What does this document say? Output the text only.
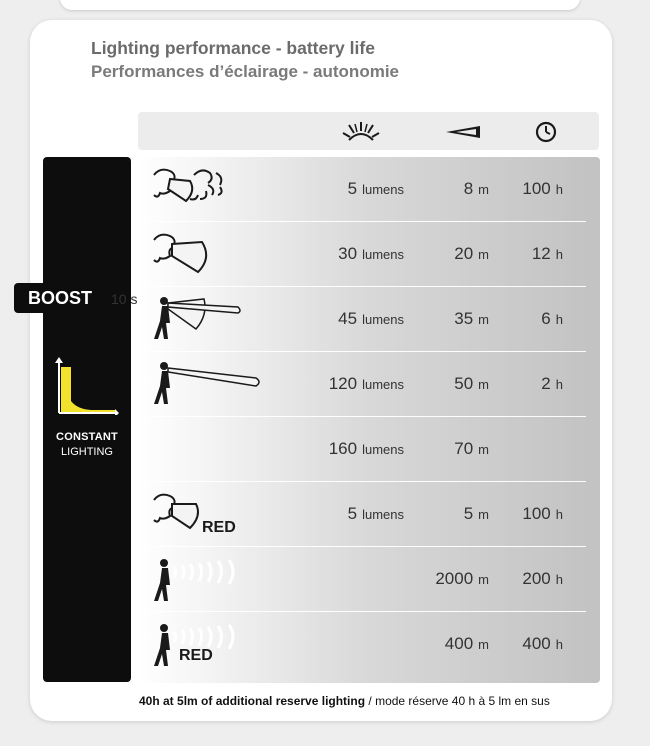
Lighting performance - battery life
Performances d’éclairage - autonomie
CONSTANT
LIGHTING
5 lumens	8 m 100 h
30 lumens	20 m	12 h
45 lumens	35 m	6 h
120 lumens	50 m	2 h
160 lumens	70 m
RED
5 lumens	5 m 100 h
2000 m 200 h
RED
400 m 400 h
BOOST	10 s
40h at 5lm of additional reserve lighting / mode réserve 40 h à 5 lm en sus
